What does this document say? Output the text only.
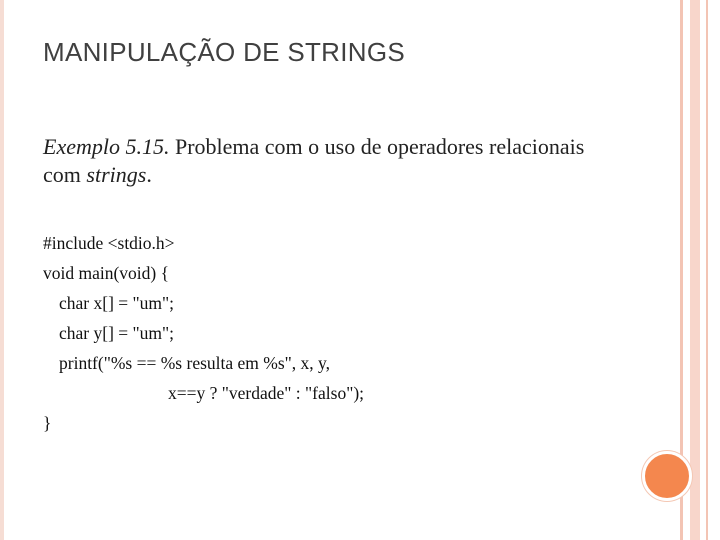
MANIPULAÇÃO DE STRINGS
Exemplo 5.15. Problema com o uso de operadores relacionais com strings.
#include <stdio.h>
void main(void) {
char x[] = "um";
char y[] = "um";
printf("%s == %s resulta em %s", x, y,
x==y ? "verdade" : "falso");
}
